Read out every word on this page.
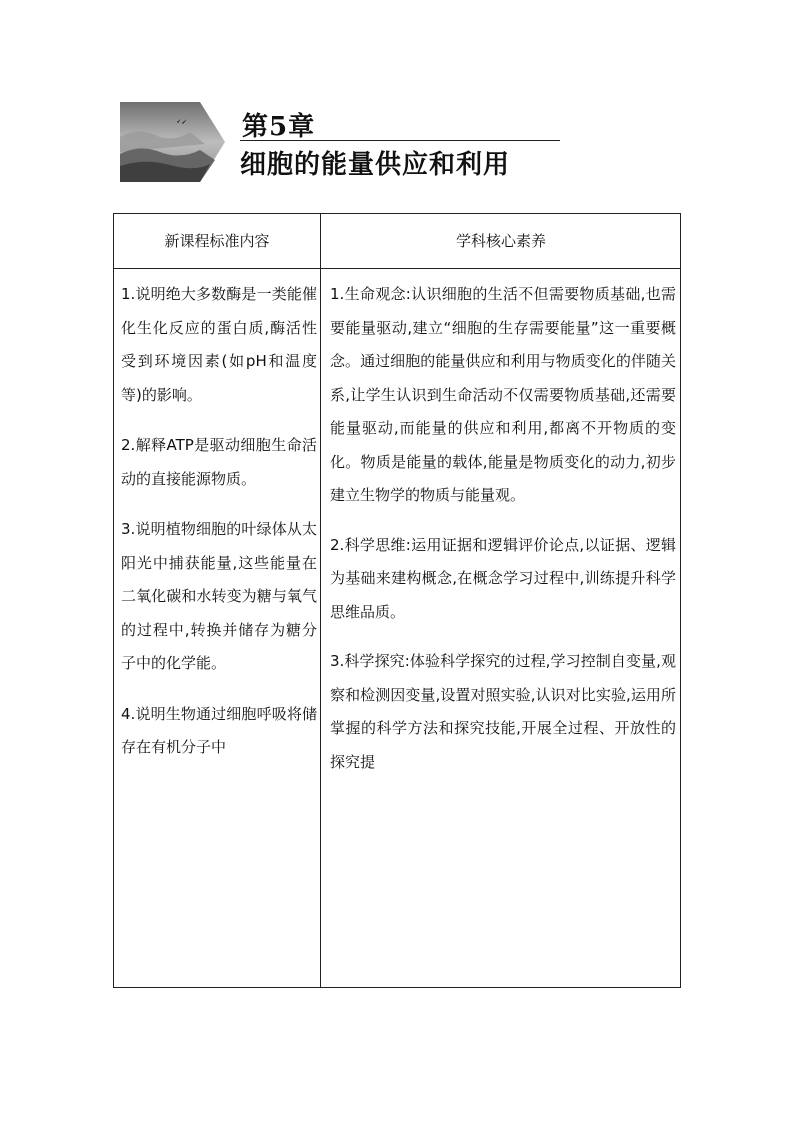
第5章
细胞的能量供应和利用
新课程标准内容	学科核心素养

1.说明绝大多数酶是一类能催化生化反应的蛋白质,酶活性受到环境因素(如pH和温度等)的影响。

2.解释ATP是驱动细胞生命活动的直接能源物质。

3.说明植物细胞的叶绿体从太阳光中捕获能量,这些能量在二氧化碳和水转变为糖与氧气的过程中,转换并储存为糖分子中的化学能。

4.说明生物通过细胞呼吸将储存在有机分子中

1.生命观念:认识细胞的生活不但需要物质基础,也需要能量驱动,建立“细胞的生存需要能量”这一重要概念。通过细胞的能量供应和利用与物质变化的伴随关系,让学生认识到生命活动不仅需要物质基础,还需要能量驱动,而能量的供应和利用,都离不开物质的变化。物质是能量的载体,能量是物质变化的动力,初步建立生物学的物质与能量观。

2.科学思维:运用证据和逻辑评价论点,以证据、逻辑为基础来建构概念,在概念学习过程中,训练提升科学思维品质。

3.科学探究:体验科学探究的过程,学习控制自变量,观察和检测因变量,设置对照实验,认识对比实验,运用所掌握的科学方法和探究技能,开展全过程、开放性的探究提
